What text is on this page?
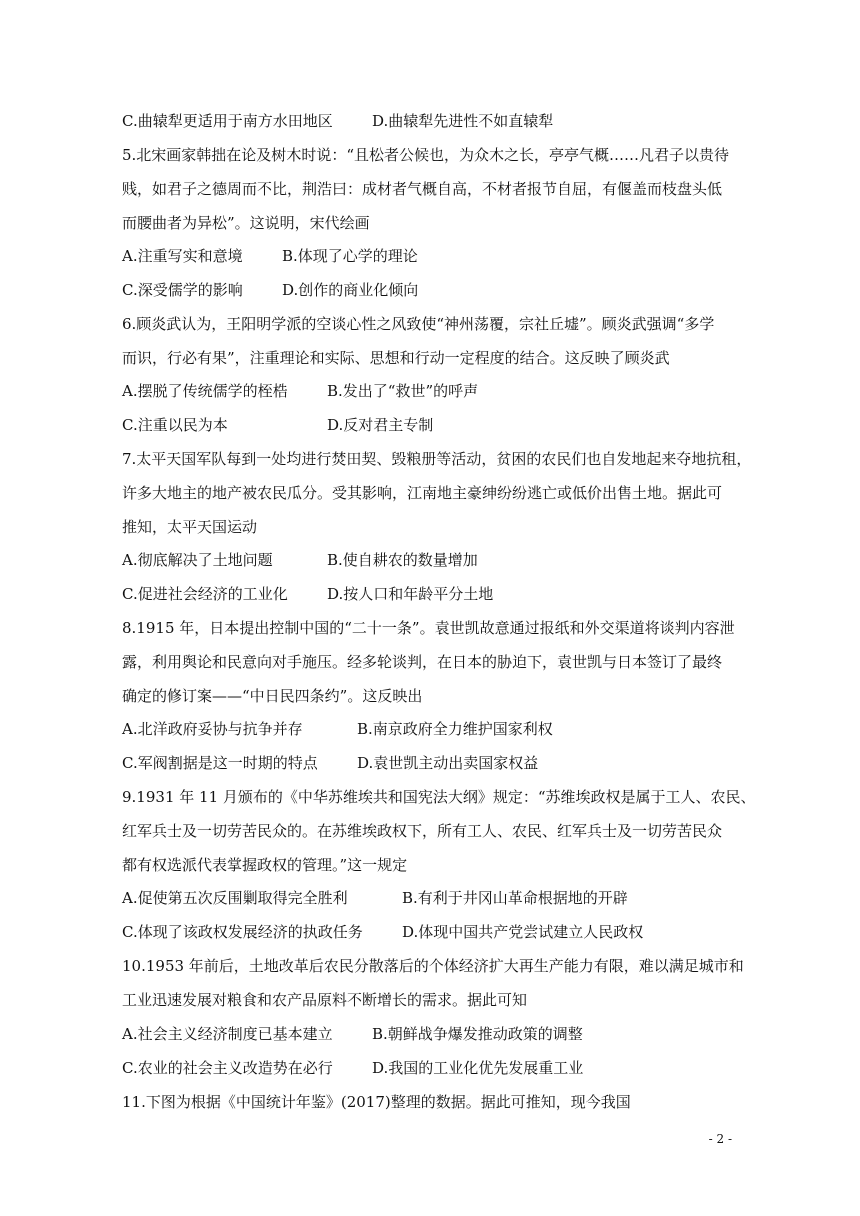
C.曲辕犁更适用于南方水田地区	D.曲辕犁先进性不如直辕犁
5.北宋画家韩拙在论及树木时说：“且松者公候也，为众木之长，亭亭气概……凡君子以贵待
贱，如君子之德周而不比，荆浩曰：成材者气概自高，不材者报节自屈，有偃盖而枝盘头低
而腰曲者为异松”。这说明，宋代绘画
A.注重写实和意境	B.体现了心学的理论
C.深受儒学的影响	D.创作的商业化倾向
6.顾炎武认为，王阳明学派的空谈心性之风致使“神州荡覆，宗社丘墟”。顾炎武强调“多学
而识，行必有果”，注重理论和实际、思想和行动一定程度的结合。这反映了顾炎武
A.摆脱了传统儒学的桎梏	B.发出了“救世”的呼声
C.注重以民为本	D.反对君主专制
7.太平天国军队每到一处均进行焚田契、毁粮册等活动，贫困的农民们也自发地起来夺地抗租，
许多大地主的地产被农民瓜分。受其影响，江南地主豪绅纷纷逃亡或低价出售土地。据此可
推知，太平天国运动
A.彻底解决了土地问题	B.使自耕农的数量增加
C.促进社会经济的工业化	D.按人口和年龄平分土地
8.1915 年，日本提出控制中国的“二十一条”。袁世凯故意通过报纸和外交渠道将谈判内容泄
露，利用舆论和民意向对手施压。经多轮谈判，在日本的胁迫下，袁世凯与日本签订了最终
确定的修订案——“中日民四条约”。这反映出
A.北洋政府妥协与抗争并存	B.南京政府全力维护国家利权
C.军阀割据是这一时期的特点	D.袁世凯主动出卖国家权益
9.1931 年 11 月颁布的《中华苏维埃共和国宪法大纲》规定：“苏维埃政权是属于工人、农民、
红军兵士及一切劳苦民众的。在苏维埃政权下，所有工人、农民、红军兵士及一切劳苦民众
都有权选派代表掌握政权的管理。”这一规定
A.促使第五次反围剿取得完全胜利	B.有利于井冈山革命根据地的开辟
C.体现了该政权发展经济的执政任务	D.体现中国共产党尝试建立人民政权
10.1953 年前后，土地改革后农民分散落后的个体经济扩大再生产能力有限，难以满足城市和
工业迅速发展对粮食和农产品原料不断增长的需求。据此可知
A.社会主义经济制度已基本建立	B.朝鲜战争爆发推动政策的调整
C.农业的社会主义改造势在必行	D.我国的工业化优先发展重工业
11.下图为根据《中国统计年鉴》(2017)整理的数据。据此可推知，现今我国
- 2 -
